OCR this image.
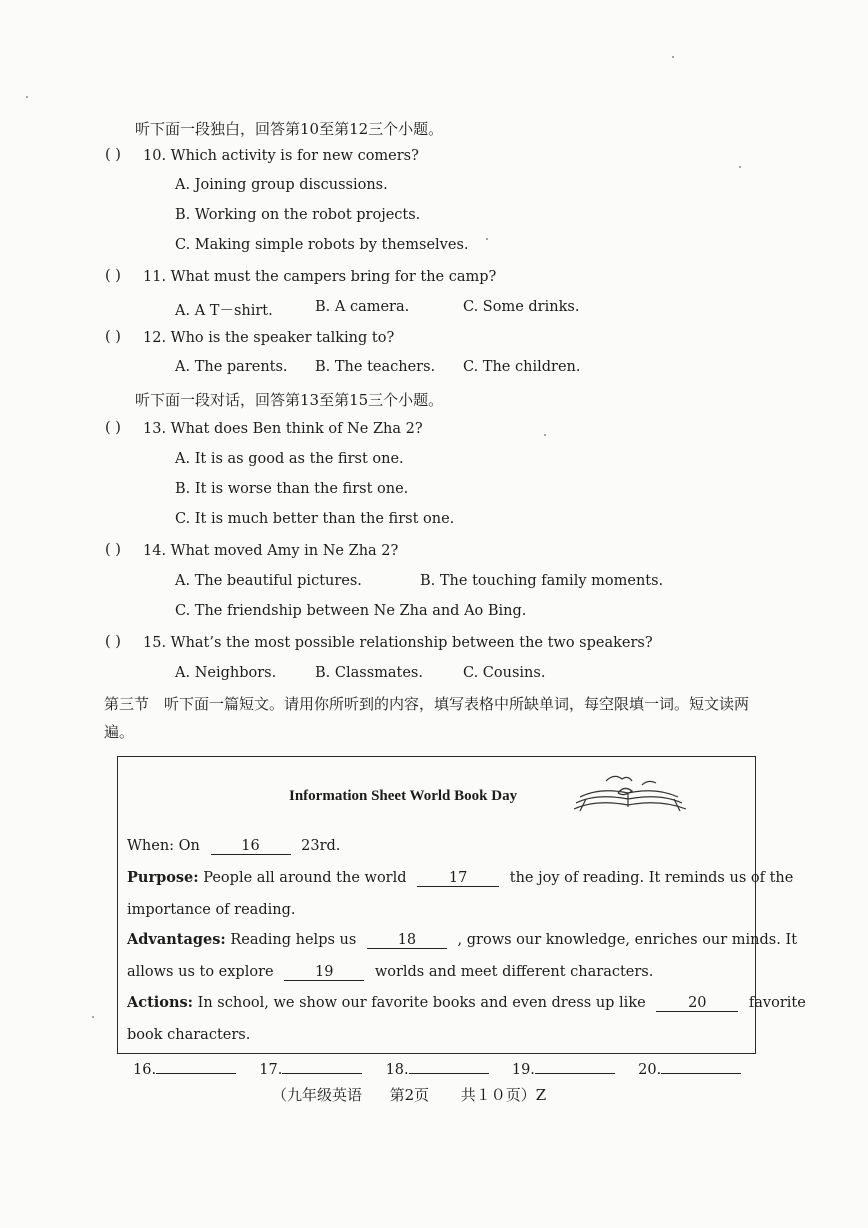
听下面一段独白，回答第10至第12三个小题。
( ) 10. Which activity is for new comers?
A. Joining group discussions.
B. Working on the robot projects.
C. Making simple robots by themselves.
( ) 11. What must the campers bring for the camp?
A. A T－shirt.	B. A camera.	C. Some drinks.
( ) 12. Who is the speaker talking to?
A. The parents. B. The teachers. C. The children.
听下面一段对话，回答第13至第15三个小题。
( ) 13. What does Ben think of Ne Zha 2?
A. It is as good as the first one.
B. It is worse than the first one.
C. It is much better than the first one.
( ) 14. What moved Amy in Ne Zha 2?
A. The beautiful pictures.	B. The touching family moments.
C. The friendship between Ne Zha and Ao Bing.
( ) 15. What’s the most possible relationship between the two speakers?
A. Neighbors.	B. Classmates.	C. Cousins.
第三节　听下面一篇短文。请用你所听到的内容，填写表格中所缺单词，每空限填一词。短文读两遍。
Information Sheet World Book Day
When: On	16	23rd.
Purpose: People all around the world	17	the joy of reading. It reminds us of the
importance of reading.
Advantages: Reading helps us	18	, grows our knowledge, enriches our minds. It
allows us to explore	19	worlds and meet different characters.
Actions: In school, we show our favorite books and even dress up like	20	favorite
book characters.
16.	17.	18.	19.	20.
（九年级英语 第2页 共１０页）Z
